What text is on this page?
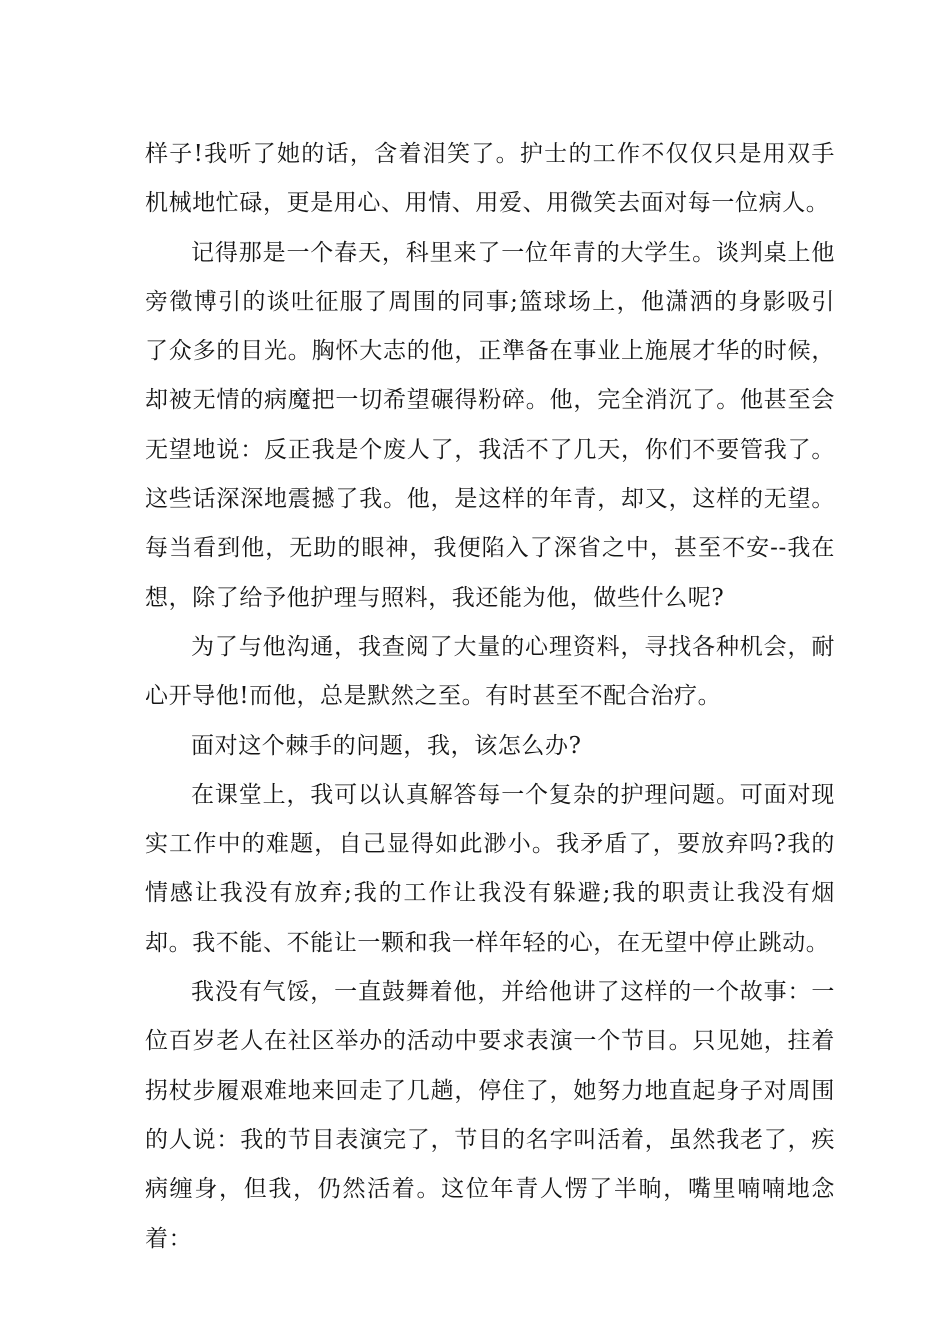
样子!我听了她的话，含着泪笑了。护士的工作不仅仅只是用双手机械地忙碌，更是用心、用情、用爱、用微笑去面对每一位病人。

记得那是一个春天，科里来了一位年青的大学生。谈判桌上他旁徵博引的谈吐征服了周围的同事;篮球场上，他潇洒的身影吸引了众多的目光。胸怀大志的他，正準备在事业上施展才华的时候，却被无情的病魔把一切希望碾得粉碎。他，完全消沉了。他甚至会无望地说：反正我是个废人了，我活不了几天，你们不要管我了。这些话深深地震撼了我。他，是这样的年青，却又，这样的无望。每当看到他，无助的眼神，我便陷入了深省之中，甚至不安--我在想，除了给予他护理与照料，我还能为他，做些什么呢?

为了与他沟通，我查阅了大量的心理资料，寻找各种机会，耐心开导他!而他，总是默然之至。有时甚至不配合治疗。

面对这个棘手的问题，我，该怎么办?

在课堂上，我可以认真解答每一个复杂的护理问题。可面对现实工作中的难题，自己显得如此渺小。我矛盾了，要放弃吗?我的情感让我没有放弃;我的工作让我没有躲避;我的职责让我没有烟却。我不能、不能让一颗和我一样年轻的心，在无望中停止跳动。

我没有气馁，一直鼓舞着他，并给他讲了这样的一个故事：一位百岁老人在社区举办的活动中要求表演一个节目。只见她，拄着拐杖步履艰难地来回走了几趟，停住了，她努力地直起身子对周围的人说：我的节目表演完了，节目的名字叫活着，虽然我老了，疾病缠身，但我，仍然活着。这位年青人愣了半晌，嘴里喃喃地念着：
